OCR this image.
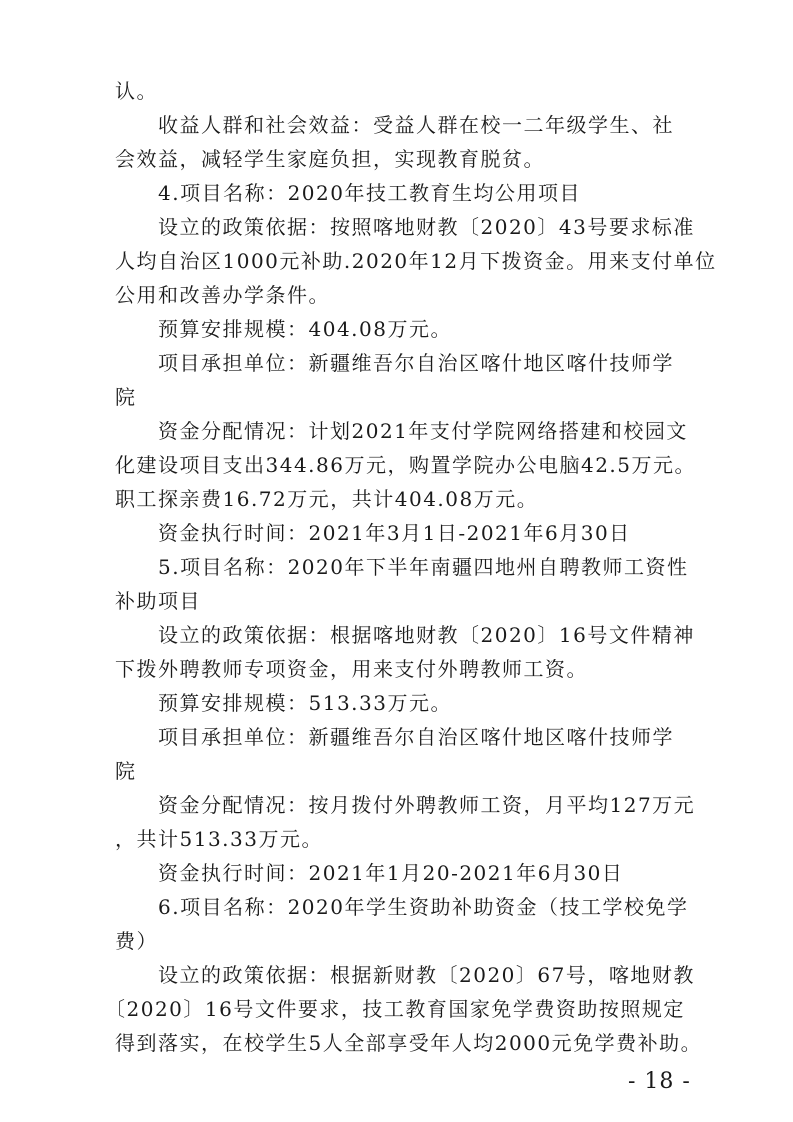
认。
收益人群和社会效益：受益人群在校一二年级学生、社
会效益，减轻学生家庭负担，实现教育脱贫。
4.项目名称：2020年技工教育生均公用项目
设立的政策依据：按照喀地财教〔2020〕43号要求标准
人均自治区1000元补助.2020年12月下拨资金。用来支付单位
公用和改善办学条件。
预算安排规模：404.08万元。
项目承担单位：新疆维吾尔自治区喀什地区喀什技师学
院
资金分配情况：计划2021年支付学院网络搭建和校园文
化建设项目支出344.86万元，购置学院办公电脑42.5万元。
职工探亲费16.72万元，共计404.08万元。
资金执行时间：2021年3月1日-2021年6月30日
5.项目名称：2020年下半年南疆四地州自聘教师工资性
补助项目
设立的政策依据：根据喀地财教〔2020〕16号文件精神
下拨外聘教师专项资金，用来支付外聘教师工资。
预算安排规模：513.33万元。
项目承担单位：新疆维吾尔自治区喀什地区喀什技师学
院
资金分配情况：按月拨付外聘教师工资，月平均127万元
，共计513.33万元。
资金执行时间：2021年1月20-2021年6月30日
6.项目名称：2020年学生资助补助资金（技工学校免学
费）
- 18 -
设立的政策依据：根据新财教〔2020〕67号，喀地财教
〔2020〕16号文件要求，技工教育国家免学费资助按照规定
得到落实，在校学生5人全部享受年人均2000元免学费补助。
